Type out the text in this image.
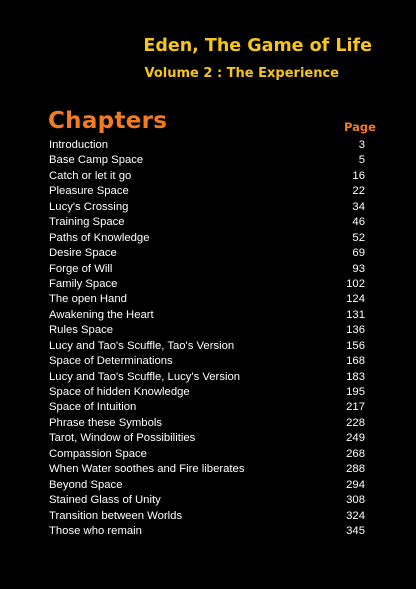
Eden, The Game of Life
Volume 2 : The Experience
Chapters	Page
Introduction	3
Base Camp Space	5
Catch or let it go	16
Pleasure Space	22
Lucy's Crossing	34
Training Space	46
Paths of Knowledge	52
Desire Space	69
Forge of Will	93
Family Space	102
The open Hand	124
Awakening the Heart	131
Rules Space	136
Lucy and Tao's Scuffle, Tao's Version	156
Space of Determinations	168
Lucy and Tao's Scuffle, Lucy's Version	183
Space of hidden Knowledge	195
Space of Intuition	217
Phrase these Symbols	228
Tarot, Window of Possibilities	249
Compassion Space	268
When Water soothes and Fire liberates	288
Beyond Space	294
Stained Glass of Unity	308
Transition between Worlds	324
Those who remain	345
